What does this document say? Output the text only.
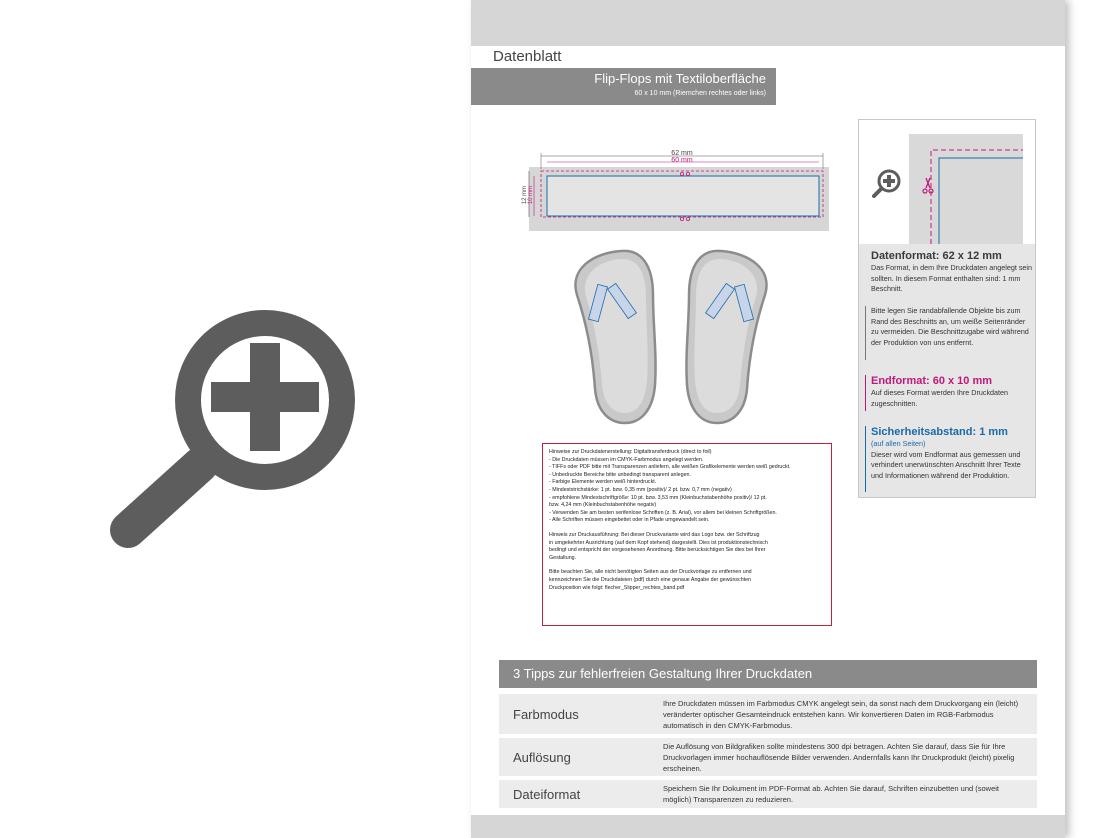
Datenblatt
Flip-Flops mit Textiloberfläche
60 x 10 mm (Riemchen rechtes oder links)
62 mm
60 mm
12 mm 10 mm
Hinweise zur Druckdatenerstellung: Digitaltransferdruck (direct to foil)
- Die Druckdaten müssen im CMYK-Farbmodus angelegt werden.
- TIFFs oder PDF bitte mit Transparenzen anliefern, alle weißen Grafikelemente werden weiß gedruckt.
- Unbedruckte Bereiche bitte unbedingt transparent anlegen.
- Farbige Elemente werden weiß hinterdruckt.
- Mindeststrichstärke: 1 pt. bzw. 0,35 mm (positiv)/ 2 pt. bzw. 0,7 mm (negativ)
- empfohlene Mindestschriftgröße: 10 pt. bzw. 3,53 mm (Kleinbuchstabenhöhe positiv)/ 12 pt.
bzw. 4,24 mm (Kleinbuchstabenhöhe negativ)
- Verwenden Sie am besten serifenlose Schriften (z. B. Arial), vor allem bei kleinen Schriftgrößen.
- Alle Schriften müssen eingebettet oder in Pfade umgewandelt sein.
Hinweis zur Druckausführung: Bei dieser Druckvariante wird das Logo bzw. der Schriftzug
in umgekehrter Ausrichtung (auf dem Kopf stehend) dargestellt. Dies ist produktionstechnisch
bedingt und entspricht der vorgesehenen Anordnung. Bitte berücksichtigen Sie dies bei Ihrer
Gestaltung.
Bitte beachten Sie, alle nicht benötigten Seiten aus der Druckvorlage zu entfernen und
kennzeichnen Sie die Druckdateien (pdf) durch eine genaue Angabe der gewünschten
Druckposition wie folgt: flecher_Slipper_rechtes_band.pdf
Datenformat: 62 x 12 mm
Das Format, in dem Ihre Druckdaten angelegt sein sollten. In diesem Format enthalten sind: 1 mm Beschnitt.
Bitte legen Sie randabfallende Objekte bis zum Rand des Beschnitts an, um weiße Seitenränder zu vermeiden. Die Beschnittzugabe wird während der Produktion von uns entfernt.
Endformat: 60 x 10 mm
Auf dieses Format werden Ihre Druckdaten zugeschnitten.
Sicherheitsabstand: 1 mm
(auf allen Seiten)
Dieser wird vom Endformat aus gemessen und verhindert unerwünschten Anschnitt Ihrer Texte und Informationen während der Produktion.
3 Tipps zur fehlerfreien Gestaltung Ihrer Druckdaten
Farbmodus
Ihre Druckdaten müssen im Farbmodus CMYK angelegt sein, da sonst nach dem Druckvorgang ein (leicht) veränderter optischer Gesamteindruck entstehen kann. Wir konvertieren Daten im RGB-Farbmodus automatisch in den CMYK-Farbmodus.
Auflösung
Die Auflösung von Bildgrafiken sollte mindestens 300 dpi betragen. Achten Sie darauf, dass Sie für Ihre Druckvorlagen immer hochauflösende Bilder verwenden. Andernfalls kann Ihr Druckprodukt (leicht) pixelig erscheinen.
Dateiformat	Speichern Sie Ihr Dokument im PDF-Format ab. Achten Sie darauf, Schriften einzubetten und (soweit möglich) Transparenzen zu reduzieren.
